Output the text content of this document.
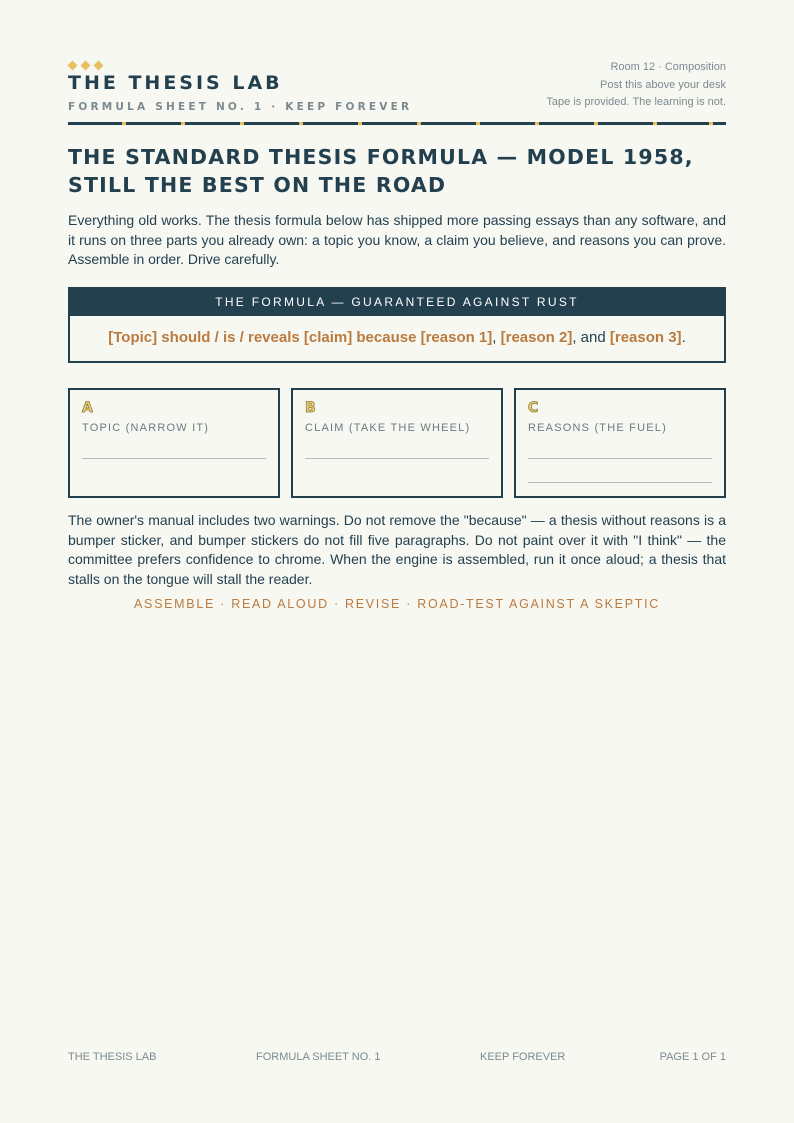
THE THESIS LAB
FORMULA SHEET NO. 1 · KEEP FOREVER
Room 12 · Composition
Post this above your desk
Tape is provided. The learning is not.
THE STANDARD THESIS FORMULA — MODEL 1958,
STILL THE BEST ON THE ROAD

Everything old works. The thesis formula below has shipped more passing essays than any software, and it runs on three parts you already own: a topic you know, a claim you believe, and reasons you can prove. Assemble in order. Drive carefully.

THE FORMULA — GUARANTEED AGAINST RUST
[Topic] should / is / reveals [claim] because [reason 1], [reason 2], and [reason 3].
A
TOPIC (NARROW IT)
B
CLAIM (TAKE THE WHEEL)
C
REASONS (THE FUEL)

The owner's manual includes two warnings. Do not remove the "because" — a thesis without reasons is a bumper sticker, and bumper stickers do not fill five paragraphs. Do not paint over it with "I think" — the committee prefers confidence to chrome. When the engine is assembled, run it once aloud; a thesis that stalls on the tongue will stall the reader.

ASSEMBLE · READ ALOUD · REVISE · ROAD-TEST AGAINST A SKEPTIC
THE THESIS LAB	FORMULA SHEET NO. 1	KEEP FOREVER	PAGE 1 OF 1
